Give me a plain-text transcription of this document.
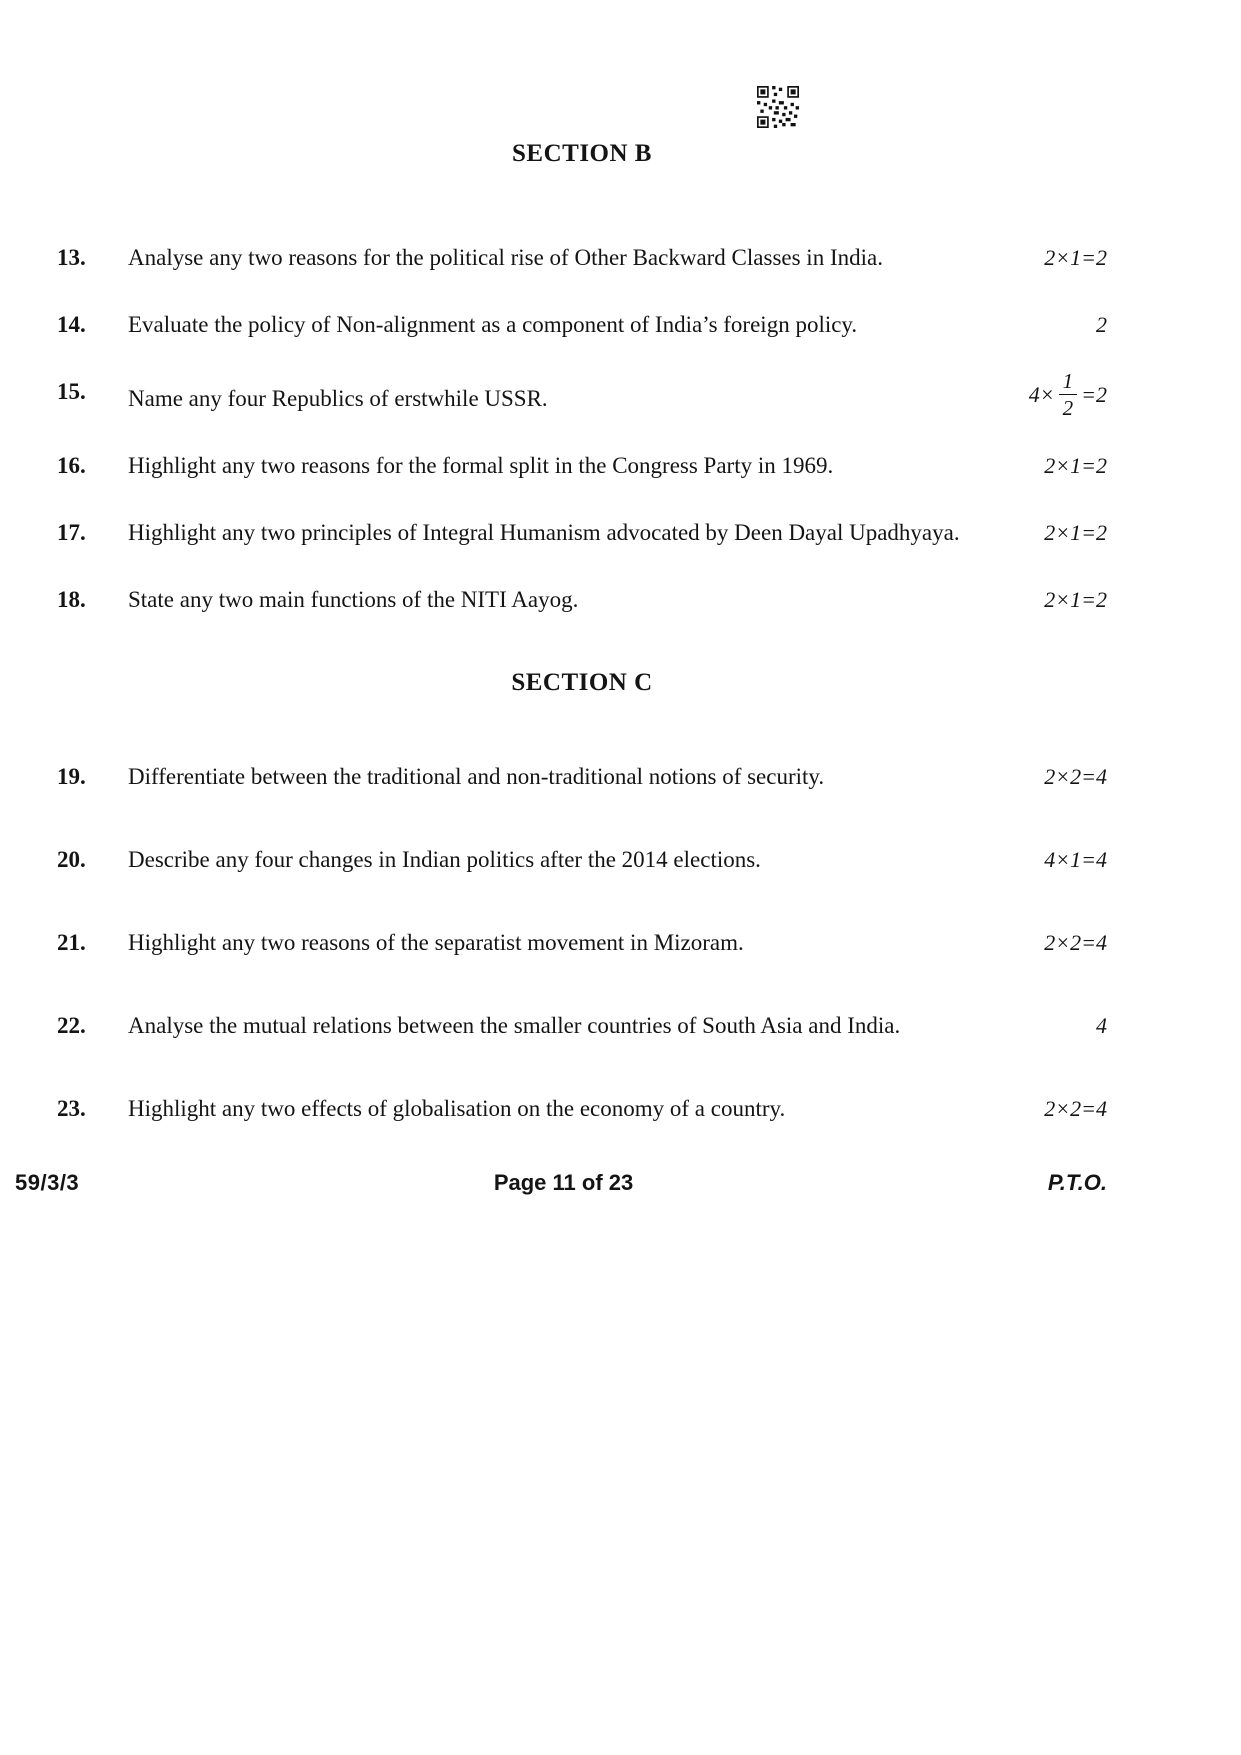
SECTION B
13.	Analyse any two reasons for the political rise of Other Backward Classes in India.	2×1=2
14.	Evaluate the policy of Non-alignment as a component of India’s foreign policy.	2
15.	Name any four Republics of erstwhile USSR.	$4\times \frac{1}{2} =2$
16.	Highlight any two reasons for the formal split in the Congress Party in 1969.	2×1=2
17.	Highlight any two principles of Integral Humanism advocated by Deen Dayal Upadhyaya.	2×1=2
18.	State any two main functions of the NITI Aayog.	2×1=2
SECTION C
19.	Differentiate between the traditional and non-traditional notions of security.	2×2=4
20.	Describe any four changes in Indian politics after the 2014 elections.	4×1=4
21.	Highlight any two reasons of the separatist movement in Mizoram.	2×2=4
22.	Analyse the mutual relations between the smaller countries of South Asia and India.	4
23.	Highlight any two effects of globalisation on the economy of a country.	2×2=4
59/3/3	Page 11 of 23	P.T.O.
